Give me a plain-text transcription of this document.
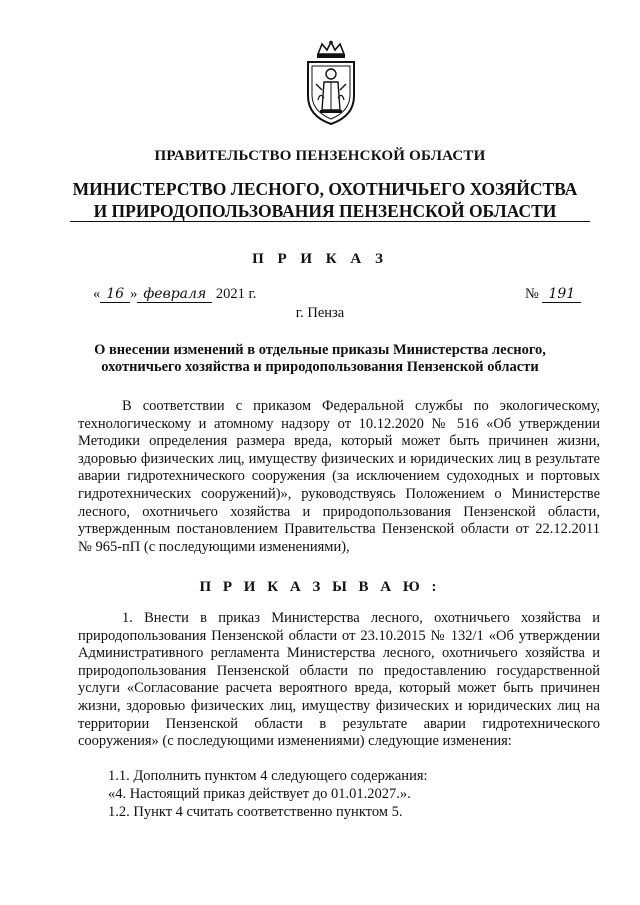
ПРАВИТЕЛЬСТВО ПЕНЗЕНСКОЙ ОБЛАСТИ
МИНИСТЕРСТВО ЛЕСНОГО, ОХОТНИЧЬЕГО ХОЗЯЙСТВА
И ПРИРОДОПОЛЬЗОВАНИЯ ПЕНЗЕНСКОЙ ОБЛАСТИ
П Р И К А З
« 16 » февраля 2021 г.	№ 191
г. Пенза
О внесении изменений в отдельные приказы Министерства лесного,
охотничьего хозяйства и природопользования Пензенской области

В соответствии с приказом Федеральной службы по экологическому, технологическому и атомному надзору от 10.12.2020 № 516 «Об утверждении Методики определения размера вреда, который может быть причинен жизни, здоровью физических лиц, имуществу физических и юридических лиц в результате аварии гидротехнического сооружения (за исключением судоходных и портовых гидротехнических сооружений)», руководствуясь Положением о Министерстве лесного, охотничьего хозяйства и природопользования Пензенской области, утвержденным постановлением Правительства Пензенской области от 22.12.2011 № 965-пП (с последующими изменениями),

П Р И К А З Ы В А Ю :

1. Внести в приказ Министерства лесного, охотничьего хозяйства и природопользования Пензенской области от 23.10.2015 № 132/1 «Об утверждении Административного регламента Министерства лесного, охотничьего хозяйства и природопользования Пензенской области по предоставлению государственной услуги «Согласование расчета вероятного вреда, который может быть причинен жизни, здоровью физических лиц, имуществу физических и юридических лиц на территории Пензенской области в результате аварии гидротехнического сооружения» (с последующими изменениями) следующие изменения:

1.1. Дополнить пунктом 4 следующего содержания:

«4. Настоящий приказ действует до 01.01.2027.».

1.2. Пункт 4 считать соответственно пунктом 5.
